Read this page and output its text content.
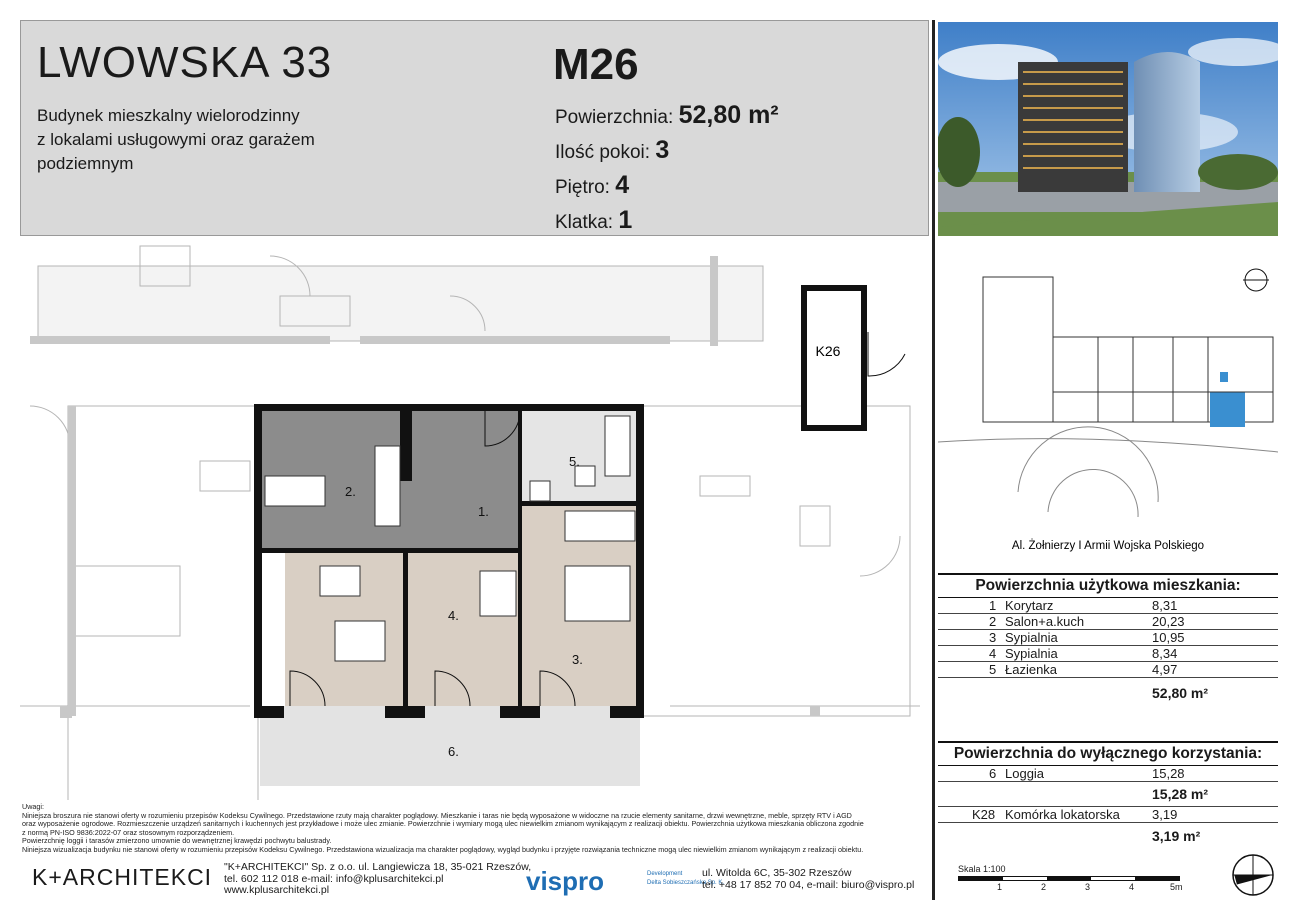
LWOWSKA 33	M26
Budynek mieszkalny wielorodzinny
z lokalami usługowymi oraz garażem
podziemnym
Powierzchnia: 52,80 m²
Ilość pokoi: 3
Piętro: 4
Klatka: 1
K26
1.
2.
3.
4.
5.
6.
Al. Żołnierzy I Armii Wojska Polskiego
Powierzchnia użytkowa mieszkania:
1 Korytarz	8,31
2 Salon+a.kuch	20,23
3 Sypialnia	10,95
4 Sypialnia	8,34
5 Łazienka	4,97
52,80 m²
Powierzchnia do wyłącznego korzystania:
6 Loggia	15,28
15,28 m²
K28 Komórka lokatorska 3,19
3,19 m²
Uwagi:
Niniejsza broszura nie stanowi oferty w rozumieniu przepisów Kodeksu Cywilnego. Przedstawione rzuty mają charakter poglądowy. Mieszkanie i taras nie będą wyposażone w widoczne na rzucie elementy sanitarne, drzwi wewnętrzne, meble, sprzęty RTV i AGD
oraz wyposażenie ogrodowe. Rozmieszczenie urządzeń sanitarnych i kuchennych jest przykładowe i może ulec zmianie. Powierzchnie i wymiary mogą ulec niewielkim zmianom wynikającym z realizacji obiektu. Powierzchnia użytkowa mieszkania obliczona zgodnie
z normą PN-ISO 9836:2022-07 oraz stosownym rozporządzeniem.
Powierzchnię loggii i tarasów zmierzono umownie do wewnętrznej krawędzi pochwytu balustrady.
Niniejsza wizualizacja budynku nie stanowi oferty w rozumieniu przepisów Kodeksu Cywilnego. Przedstawiona wizualizacja ma charakter poglądowy, wygląd budynku i przyjęte rozwiązania techniczne mogą ulec niewielkim zmianom wynikającym z realizacji obiektu.
K+ARCHITEKCI "K+ARCHITEKCI" Sp. z o.o. ul. Langiewicza 18, 35-021 Rzeszów,
tel. 602 112 018 e-mail: info@kplusarchitekci.pl
www.kplusarchitekci.pl	vispro	Development
Delta Sobieszczańska Sp. K.
ul. Witolda 6C, 35-302 Rzeszów
tel. +48 17 852 70 04, e-mail: biuro@vispro.pl
Skala 1:100
1	2	3	4	5m
